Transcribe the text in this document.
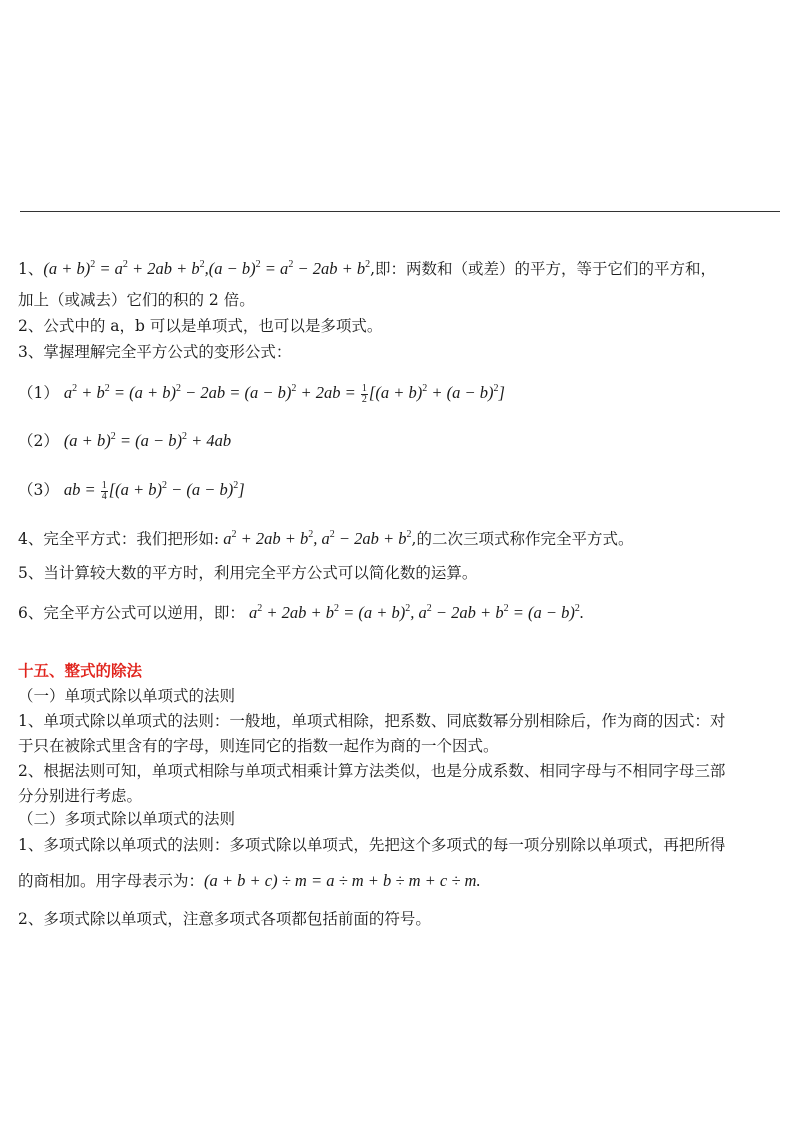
1、$(a + b)^2 = a^2 + 2ab + b^2,(a - b)^2 = a^2 - 2ab + b^2$,即：两数和（或差）的平方，等于它们的平方和，
加上（或减去）它们的积的 2 倍。
2、公式中的 a，b 可以是单项式，也可以是多项式。
3、掌握理解完全平方公式的变形公式：
（1） $a^2 + b^2 = (a + b)^2 - 2ab = (a - b)^2 + 2ab = \frac{1}{2} [(a + b)^2 + (a - b)^2]$
（2） $(a + b)^2 = (a - b)^2 + 4ab$
（3） ab = $\frac{1}{4} [(a + b)^2 - (a - b)^2]$
4、完全平方式：我们把形如: $a^2 + 2ab + b^2$, $a^2 - 2ab + b^2$,的二次三项式称作完全平方式。
5、当计算较大数的平方时，利用完全平方公式可以简化数的运算。
6、完全平方公式可以逆用，即： $a^2 + 2ab + b^2 = (a + b)^2$, $a^2 - 2ab + b^2 = (a - b)^2$.
十五、整式的除法
（一）单项式除以单项式的法则
1、单项式除以单项式的法则：一般地，单项式相除，把系数、同底数幂分别相除后，作为商的因式：对
于只在被除式里含有的字母，则连同它的指数一起作为商的一个因式。
2、根据法则可知，单项式相除与单项式相乘计算方法类似，也是分成系数、相同字母与不相同字母三部
分分别进行考虑。
（二）多项式除以单项式的法则
1、多项式除以单项式的法则：多项式除以单项式，先把这个多项式的每一项分别除以单项式，再把所得
的商相加。用字母表示为：(a + b + c) ÷ m = a ÷ m + b ÷ m + c ÷ m.
2、多项式除以单项式，注意多项式各项都包括前面的符号。
